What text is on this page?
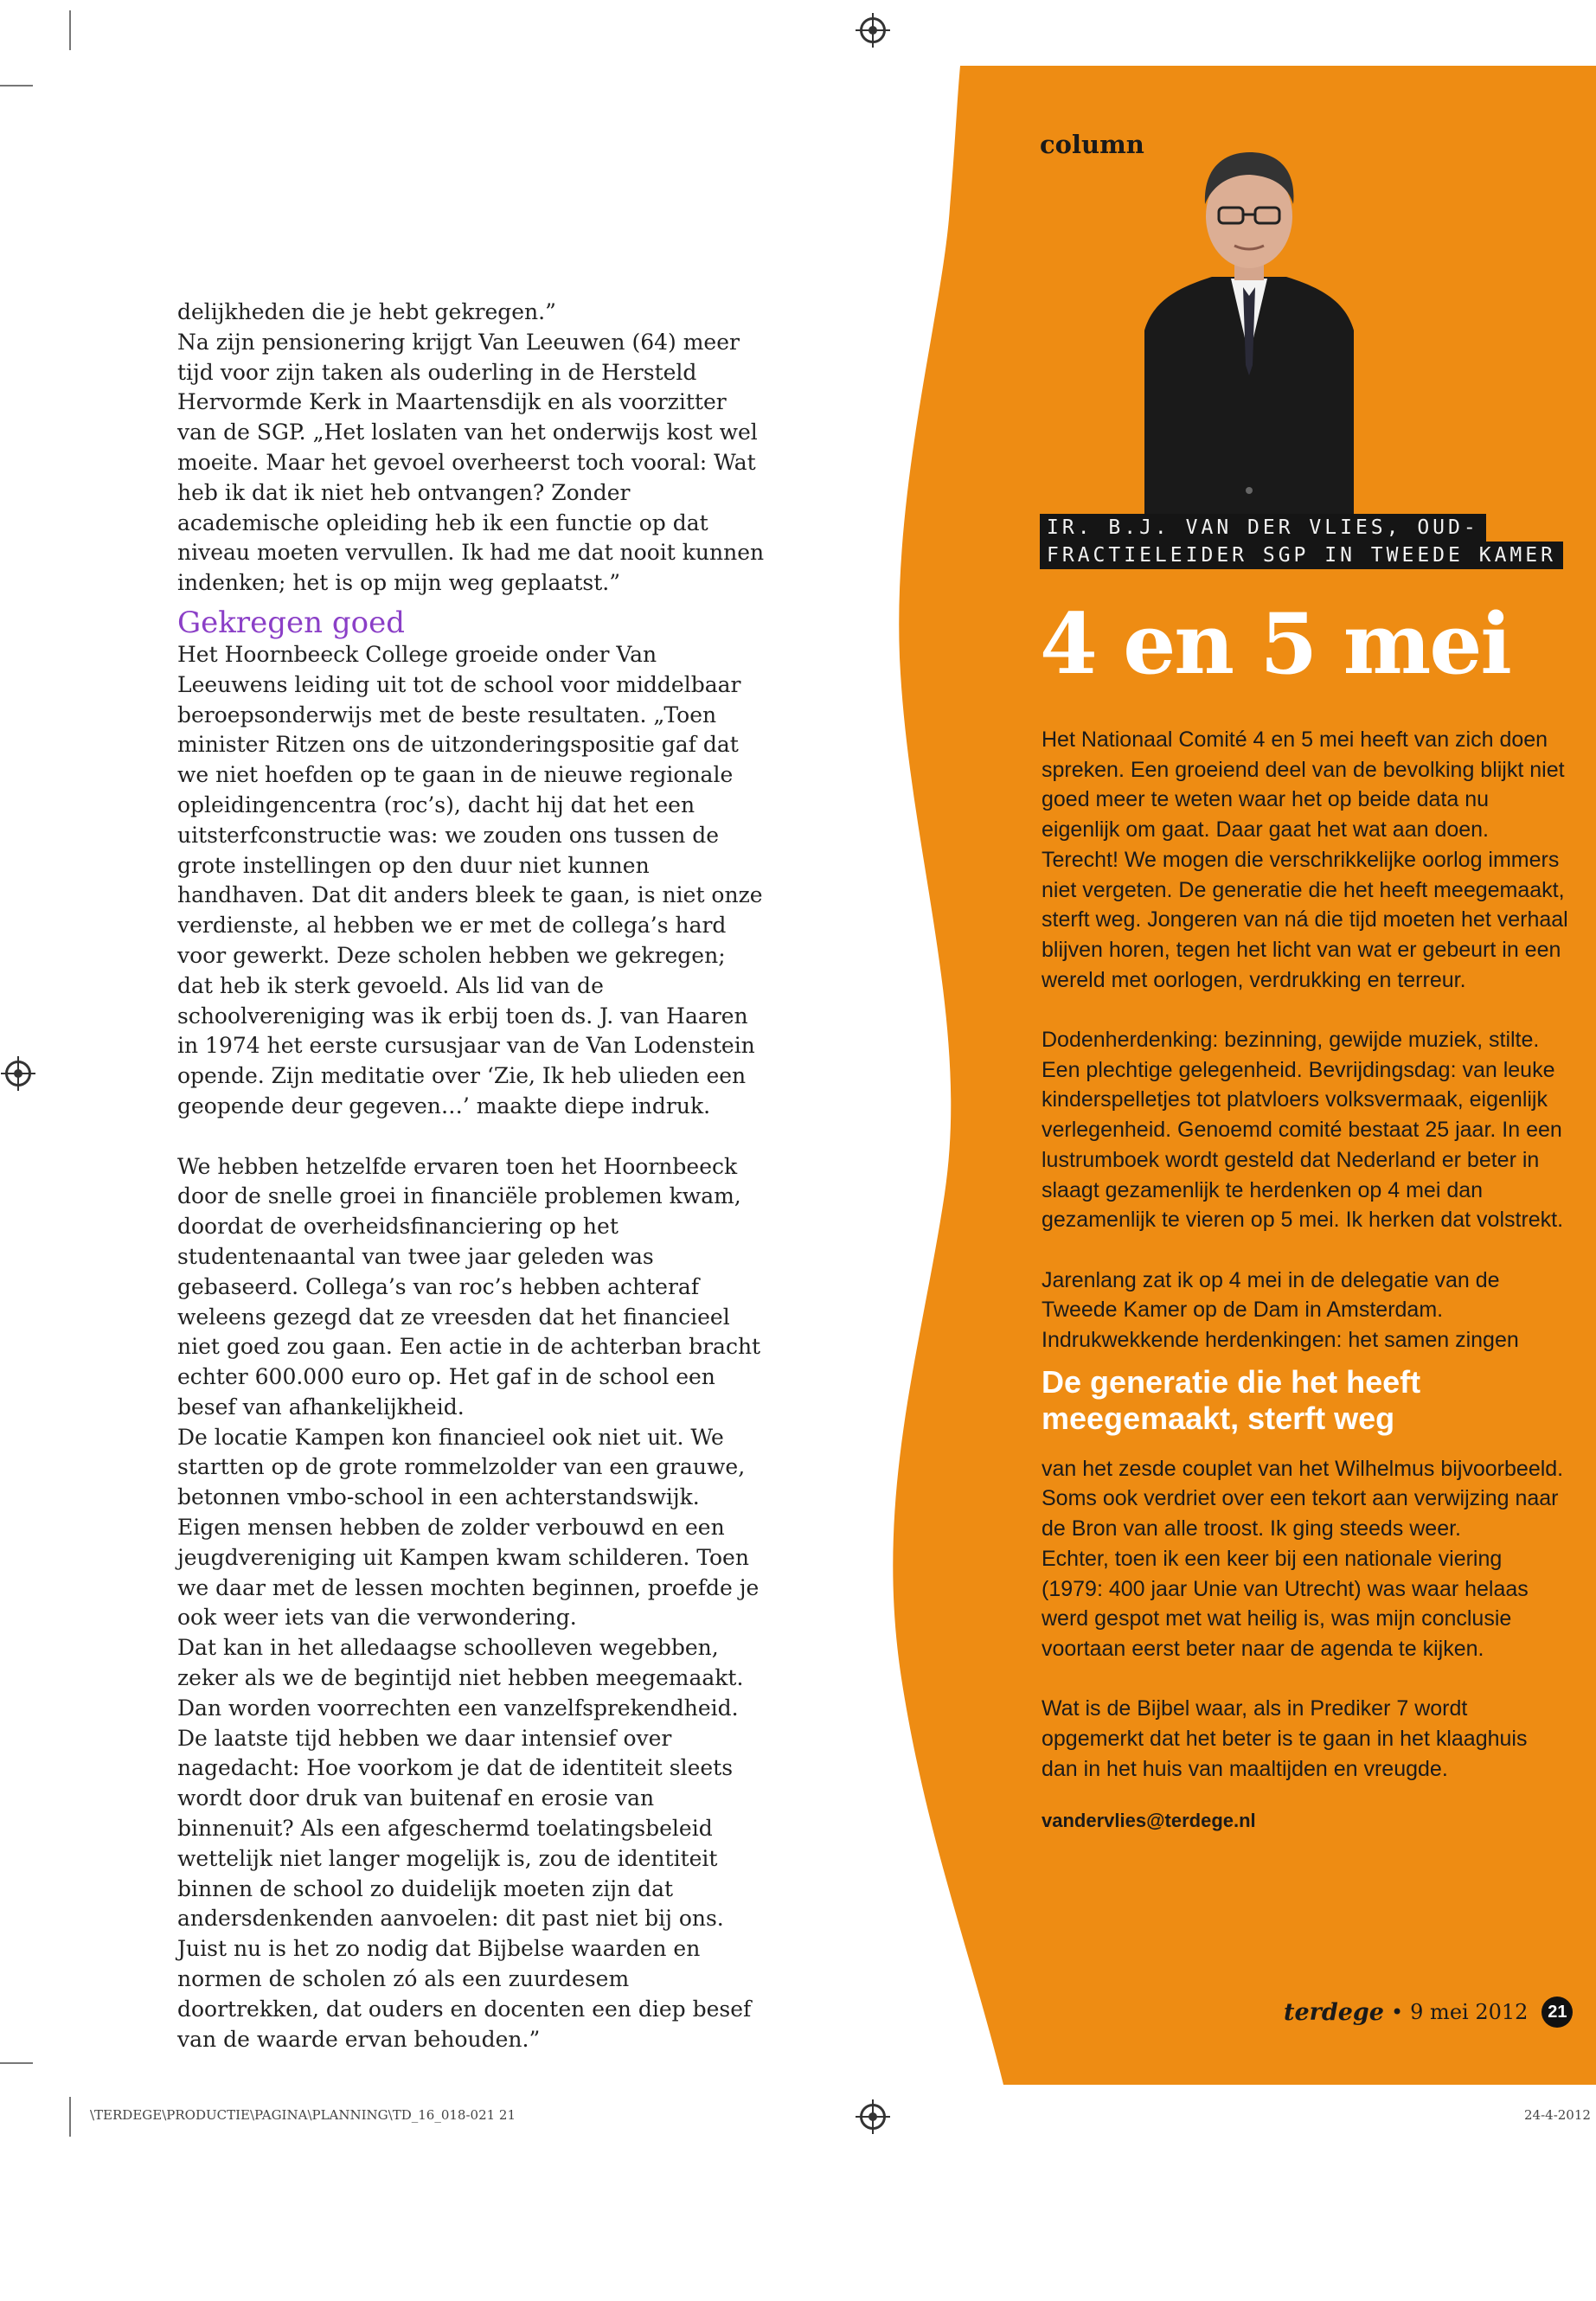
delijkheden die je hebt gekregen.”
Na zijn pensionering krijgt Van Leeuwen (64) meer tijd voor zijn taken als ouderling in de Hersteld Hervormde Kerk in Maartensdijk en als voorzitter van de SGP. „Het loslaten van het onderwijs kost wel moeite. Maar het gevoel overheerst toch vooral: Wat heb ik dat ik niet heb ontvangen? Zonder academische opleiding heb ik een functie op dat niveau moeten vervullen. Ik had me dat nooit kunnen indenken; het is op mijn weg geplaatst.”

Gekregen goed

Het Hoornbeeck College groeide onder Van Leeuwens leiding uit tot de school voor middelbaar beroepsonderwijs met de beste resultaten. „Toen minister Ritzen ons de uitzonderingspositie gaf dat we niet hoefden op te gaan in de nieuwe regionale opleidingencentra (roc’s), dacht hij dat het een uitsterfconstructie was: we zouden ons tussen de grote instellingen op den duur niet kunnen handhaven. Dat dit anders bleek te gaan, is niet onze verdienste, al hebben we er met de collega’s hard voor gewerkt. Deze scholen hebben we gekregen; dat heb ik sterk gevoeld. Als lid van de schoolvereniging was ik erbij toen ds. J. van Haaren in 1974 het eerste cursusjaar van de Van Lodenstein opende. Zijn meditatie over ‘Zie, Ik heb ulieden een geopende deur gegeven…’ maakte diepe indruk.

We hebben hetzelfde ervaren toen het Hoornbeeck door de snelle groei in financiële problemen kwam, doordat de overheidsfinanciering op het studentenaantal van twee jaar geleden was gebaseerd. Collega’s van roc’s hebben achteraf weleens gezegd dat ze vreesden dat het financieel niet goed zou gaan. Een actie in de achterban bracht echter 600.000 euro op. Het gaf in de school een besef van afhankelijkheid.
De locatie Kampen kon financieel ook niet uit. We startten op de grote rommelzolder van een grauwe, betonnen vmbo-school in een achterstandswijk. Eigen mensen hebben de zolder verbouwd en een jeugdvereniging uit Kampen kwam schilderen. Toen we daar met de lessen mochten beginnen, proefde je ook weer iets van die verwondering.
Dat kan in het alledaagse schoolleven wegebben, zeker als we de begintijd niet hebben meegemaakt. Dan worden voorrechten een vanzelfsprekendheid. De laatste tijd hebben we daar intensief over nagedacht: Hoe voorkom je dat de identiteit sleets wordt door druk van buitenaf en erosie van binnenuit? Als een afgeschermd toelatingsbeleid wettelijk niet langer mogelijk is, zou de identiteit binnen de school zo duidelijk moeten zijn dat andersdenkenden aanvoelen: dit past niet bij ons. Juist nu is het zo nodig dat Bijbelse waarden en normen de scholen zó als een zuurdesem doortrekken, dat ouders en docenten een diep besef van de waarde ervan behouden.”

column
IR. B.J. VAN DER VLIES, OUD-
FRACTIELEIDER SGP IN TWEEDE KAMER
4 en 5 mei

Het Nationaal Comité 4 en 5 mei heeft van zich doen spreken. Een groeiend deel van de bevolking blijkt niet goed meer te weten waar het op beide data nu eigenlijk om gaat. Daar gaat het wat aan doen. Terecht! We mogen die verschrikkelijke oorlog immers niet vergeten. De generatie die het heeft meegemaakt, sterft weg. Jongeren van ná die tijd moeten het verhaal blijven horen, tegen het licht van wat er gebeurt in een wereld met oorlogen, verdrukking en terreur.

Dodenherdenking: bezinning, gewijde muziek, stilte. Een plechtige gelegenheid. Bevrijdingsdag: van leuke kinderspelletjes tot platvloers volksvermaak, eigenlijk verlegenheid. Genoemd comité bestaat 25 jaar. In een lustrumboek wordt gesteld dat Nederland er beter in slaagt gezamenlijk te herdenken op 4 mei dan gezamenlijk te vieren op 5 mei. Ik herken dat volstrekt.

Jarenlang zat ik op 4 mei in de delegatie van de Tweede Kamer op de Dam in Amsterdam. Indrukwekkende herdenkingen: het samen zingen

De generatie die het heeft meegemaakt, sterft weg

van het zesde couplet van het Wilhelmus bijvoorbeeld. Soms ook verdriet over een tekort aan verwijzing naar de Bron van alle troost. Ik ging steeds weer.
Echter, toen ik een keer bij een nationale viering (1979: 400 jaar Unie van Utrecht) was waar helaas werd gespot met wat heilig is, was mijn conclusie voortaan eerst beter naar de agenda te kijken.

Wat is de Bijbel waar, als in Prediker 7 wordt opgemerkt dat het beter is te gaan in het klaaghuis dan in het huis van maaltijden en vreugde.

vandervlies@terdege.nl

terdege • 9 mei 2012	21
\TERDEGE\PRODUCTIE\PAGINA\PLANNING\TD_16_018-021 21	24-4-2012
